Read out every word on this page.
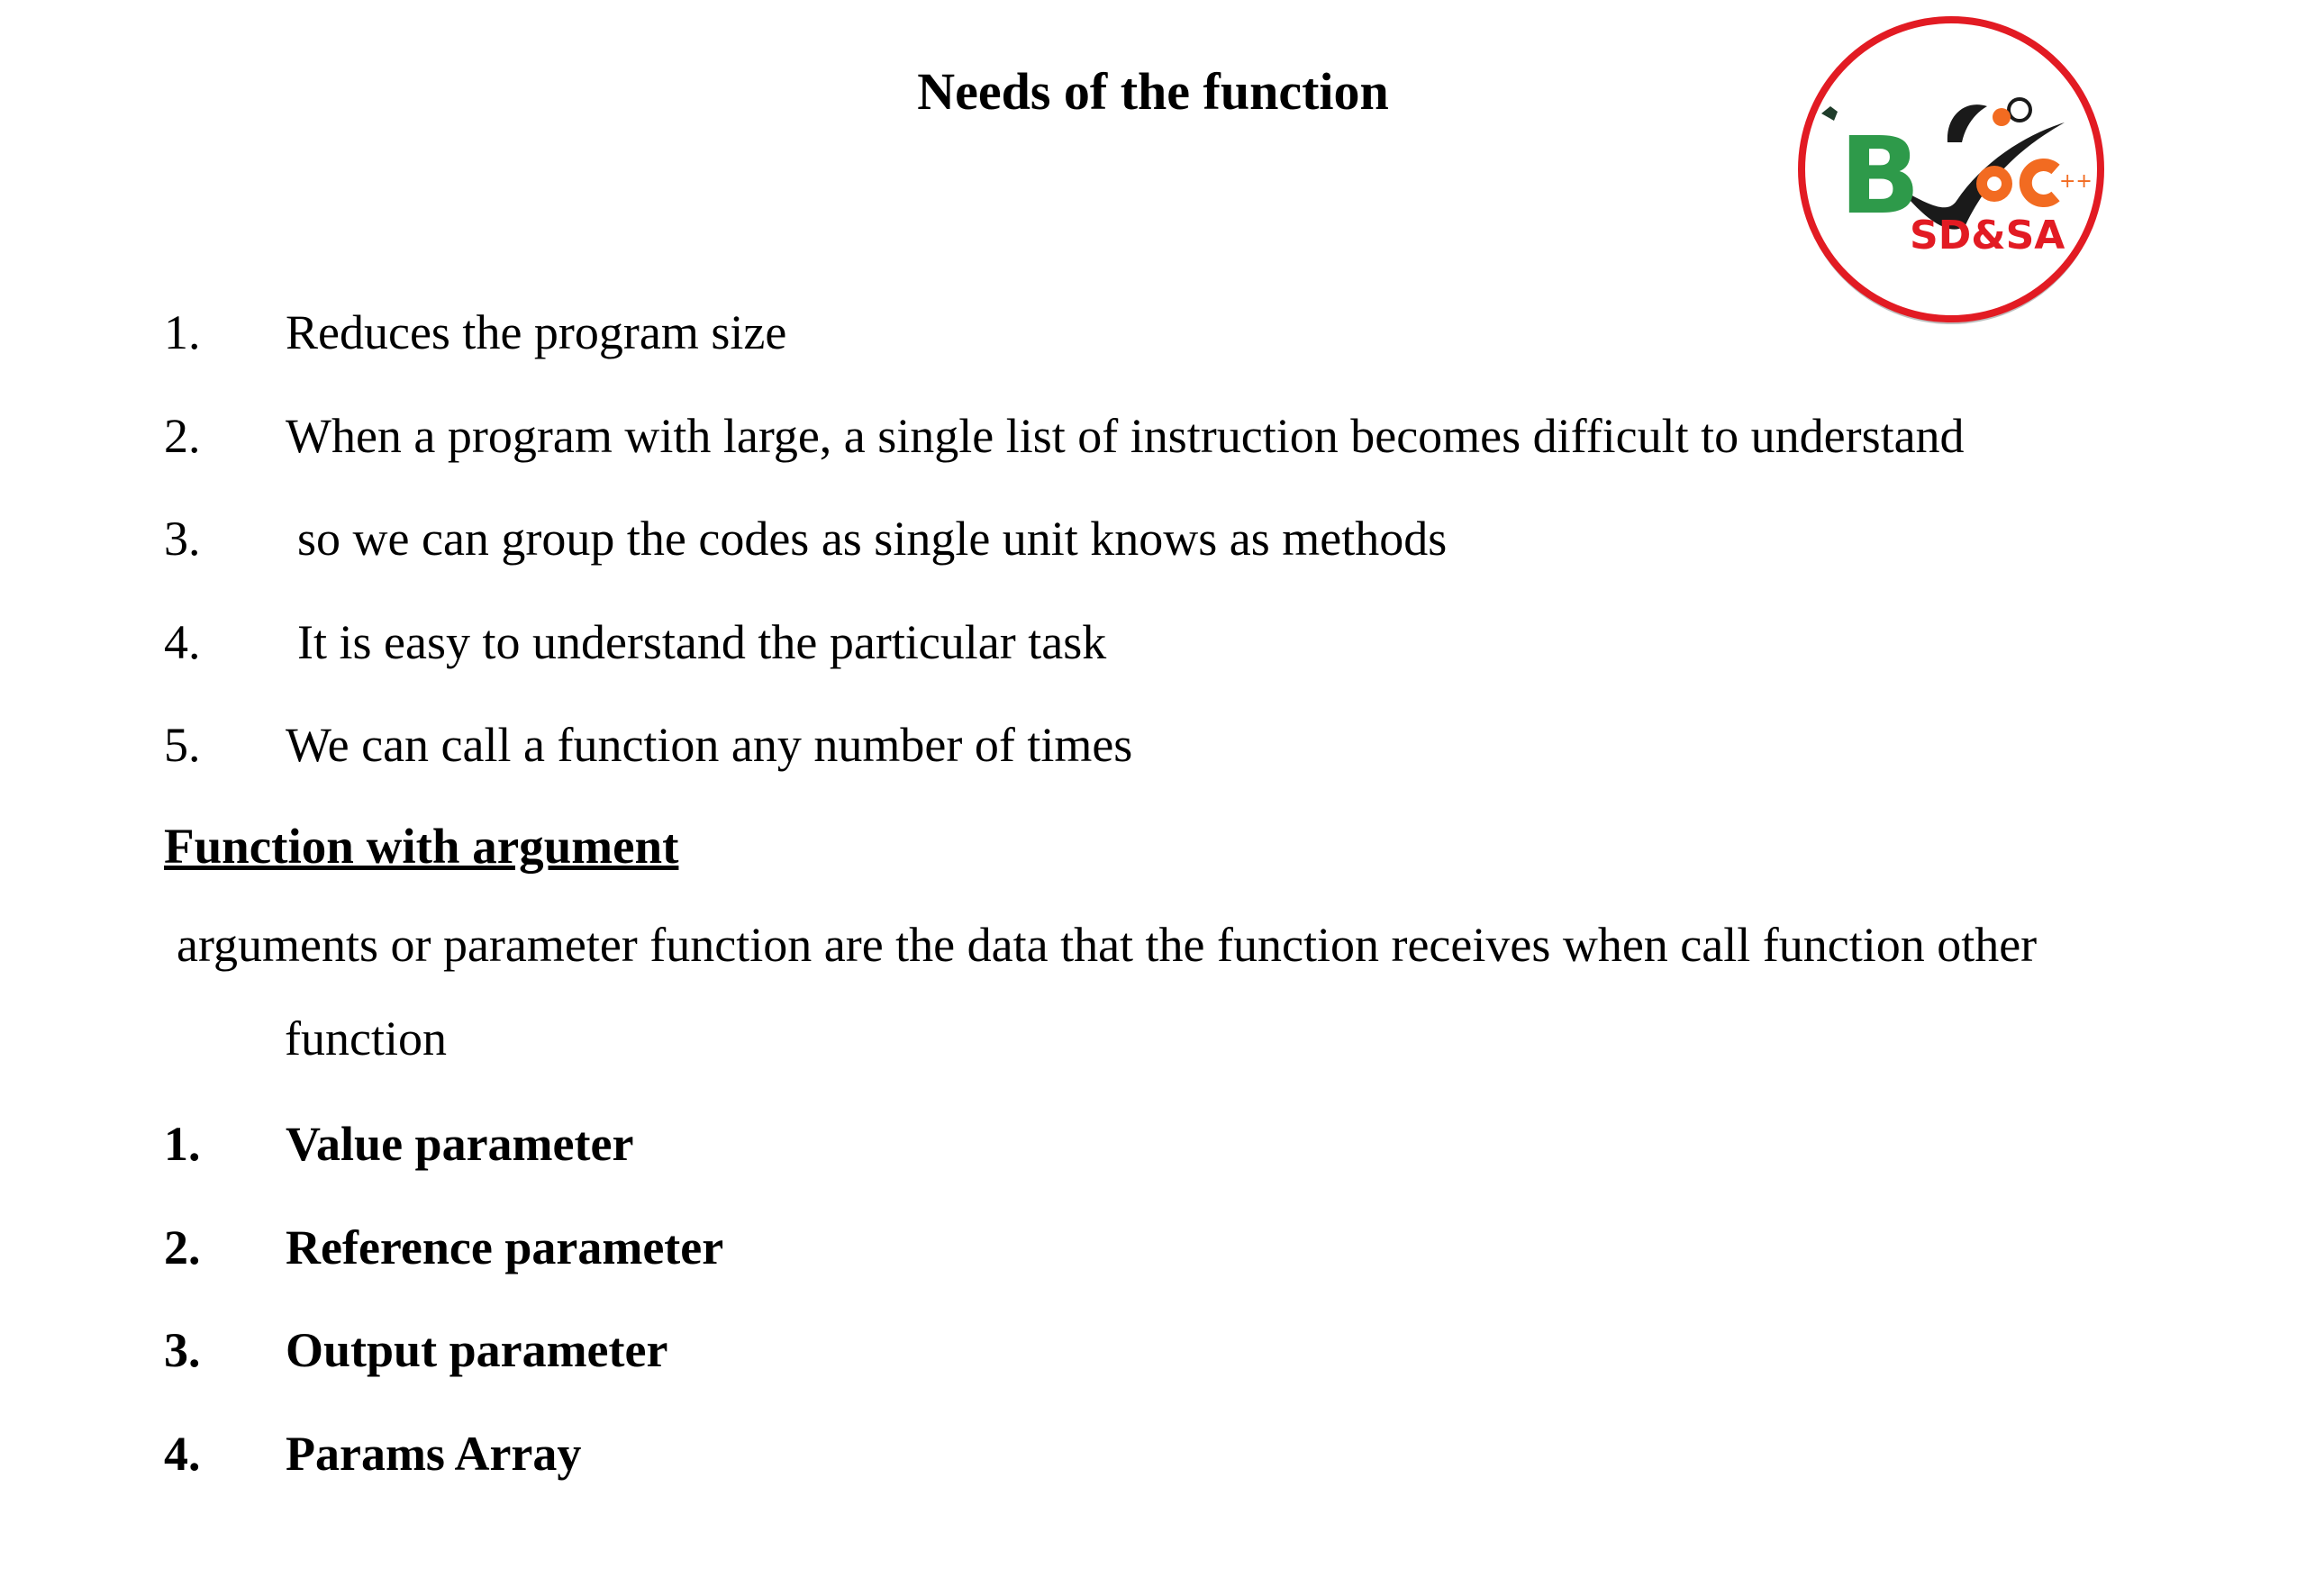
Needs of the function
B	++
SD&SA
1. Reduces the program size
2. When a program with large, a single list of instruction becomes difficult to understand
3. so we can group the codes as single unit knows as methods
4. It is easy to understand the particular task
5. We can call a function any number of times
Function with argument

arguments or parameter function are the data that the function receives when call function other
function

1. Value parameter
2. Reference parameter
3. Output parameter
4. Params Array
